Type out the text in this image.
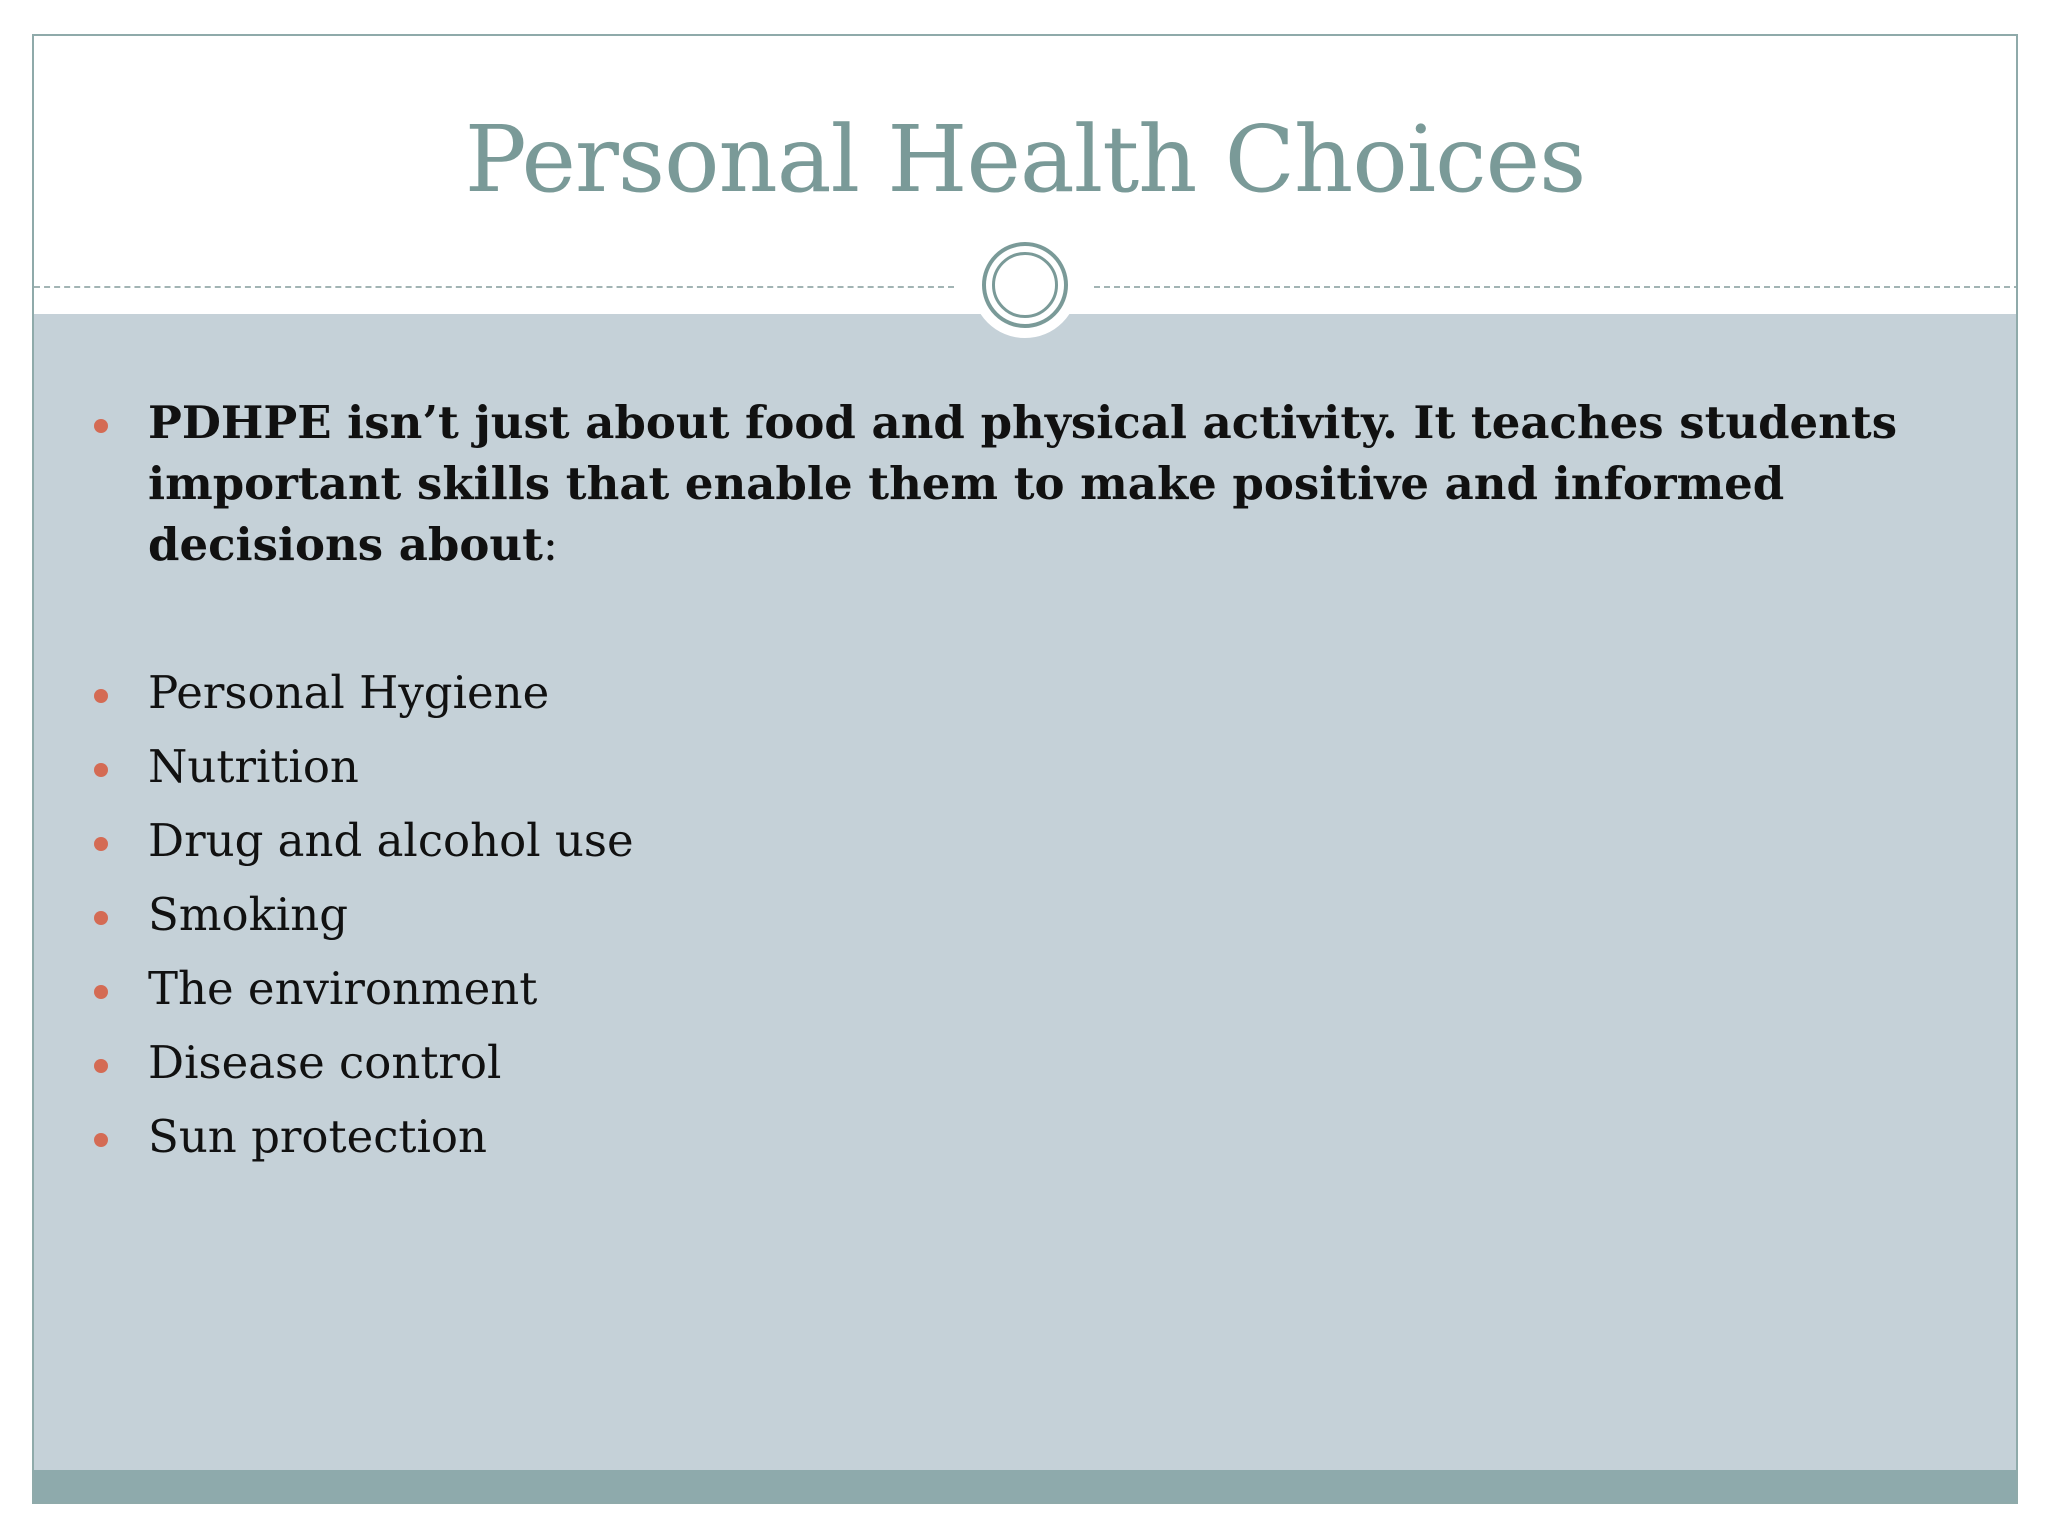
Personal Health Choices
PDHPE isn’t just about food and physical activity. It teaches students important skills that enable them to make positive and informed decisions about:
Personal Hygiene
Nutrition
Drug and alcohol use
Smoking
The environment
Disease control
Sun protection
